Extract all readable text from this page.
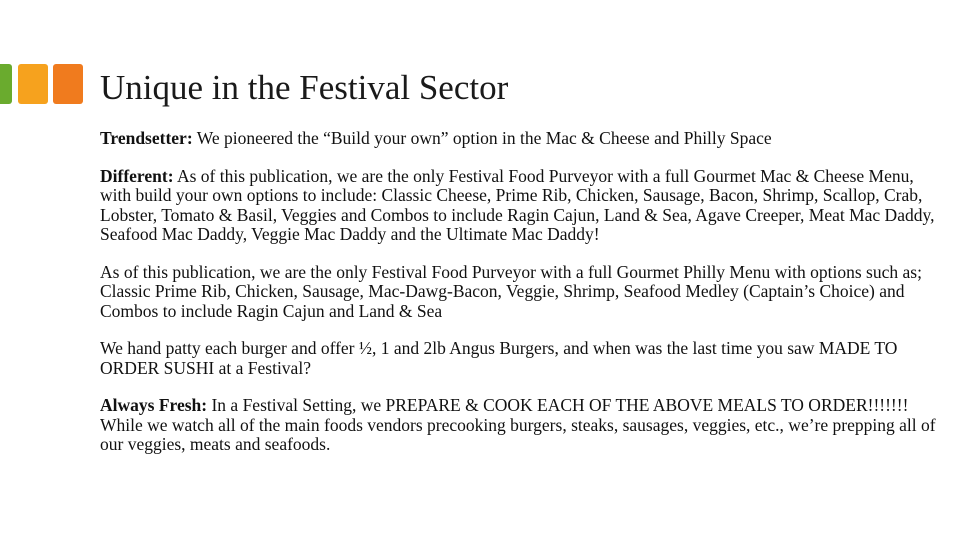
Unique in the Festival Sector

Trendsetter: We pioneered the “Build your own” option in the Mac & Cheese and Philly Space

Different: As of this publication, we are the only Festival Food Purveyor with a full Gourmet Mac & Cheese Menu, with build your own options to include: Classic Cheese, Prime Rib, Chicken, Sausage, Bacon, Shrimp, Scallop, Crab, Lobster, Tomato & Basil, Veggies and Combos to include Ragin Cajun, Land & Sea, Agave Creeper, Meat Mac Daddy, Seafood Mac Daddy, Veggie Mac Daddy and the Ultimate Mac Daddy!

As of this publication, we are the only Festival Food Purveyor with a full Gourmet Philly Menu with options such as; Classic Prime Rib, Chicken, Sausage, Mac-Dawg-Bacon, Veggie, Shrimp, Seafood Medley (Captain’s Choice) and Combos to include Ragin Cajun and Land & Sea

We hand patty each burger and offer ½, 1 and 2lb Angus Burgers, and when was the last time you saw MADE TO ORDER SUSHI at a Festival?

Always Fresh: In a Festival Setting, we PREPARE & COOK EACH OF THE ABOVE MEALS TO ORDER!!!!!!! While we watch all of the main foods vendors precooking burgers, steaks, sausages, veggies, etc., we’re prepping all of our veggies, meats and seafoods.
